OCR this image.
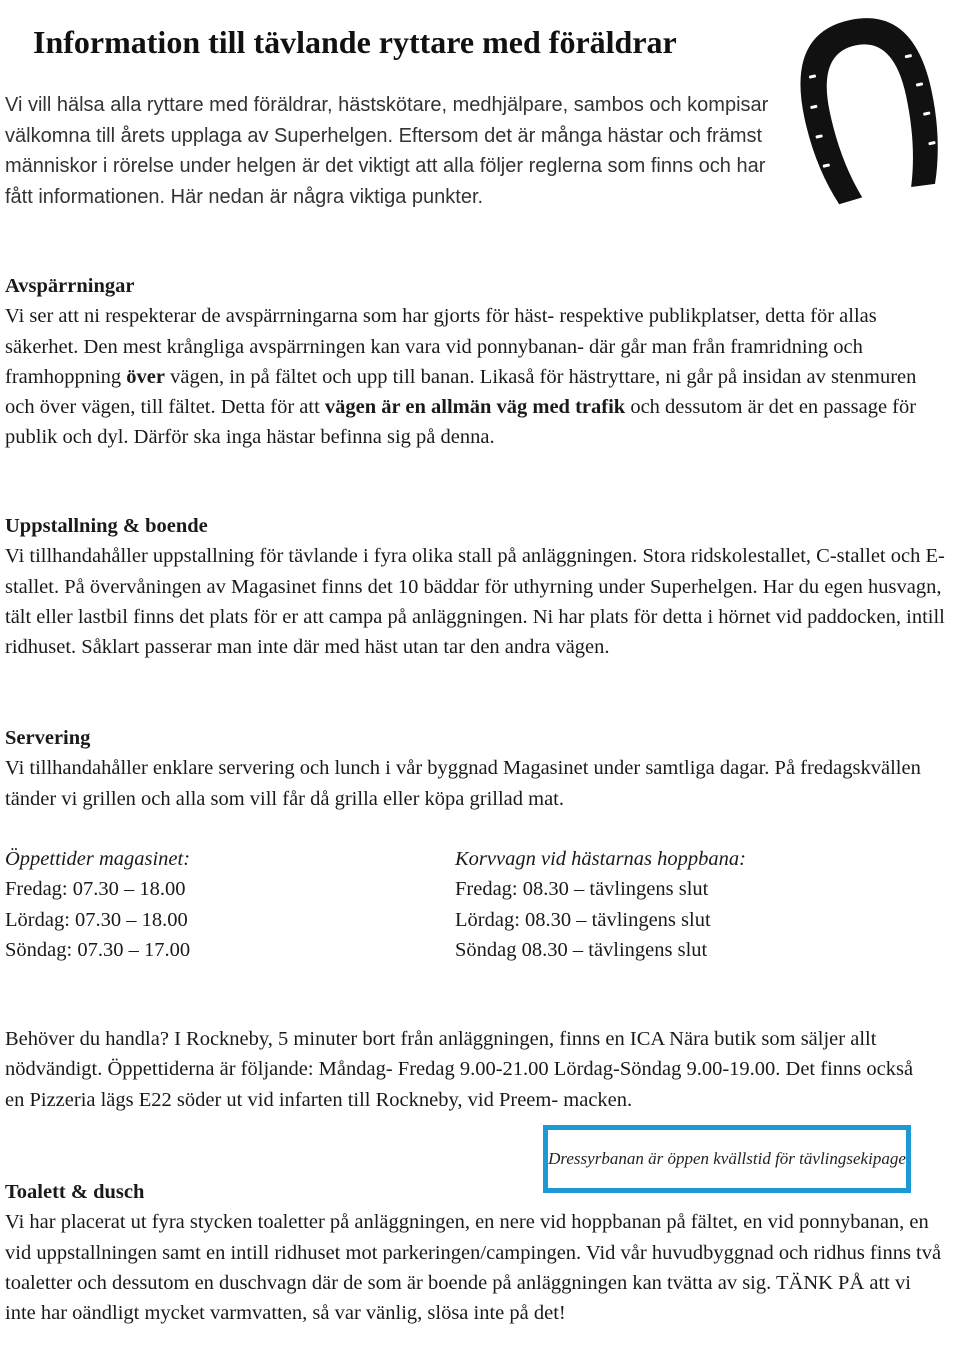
Information till tävlande ryttare med föräldrar
Vi vill hälsa alla ryttare med föräldrar, hästskötare, medhjälpare, sambos och kompisar välkomna till årets upplaga av Superhelgen. Eftersom det är många hästar och främst människor i rörelse under helgen är det viktigt att alla följer reglerna som finns och har fått informationen. Här nedan är några viktiga punkter.
Avspärrningar

Vi ser att ni respekterar de avspärrningarna som har gjorts för häst- respektive publikplatser, detta för allas säkerhet. Den mest krångliga avspärrningen kan vara vid ponnybanan- där går man från framridning och framhoppning över vägen, in på fältet och upp till banan. Likaså för hästryttare, ni går på insidan av stenmuren och över vägen, till fältet. Detta för att vägen är en allmän väg med trafik och dessutom är det en passage för publik och dyl. Därför ska inga hästar befinna sig på denna.

Uppstallning & boende

Vi tillhandahåller uppstallning för tävlande i fyra olika stall på anläggningen. Stora ridskolestallet, C-stallet och E- stallet. På övervåningen av Magasinet finns det 10 bäddar för uthyrning under Superhelgen. Har du egen husvagn, tält eller lastbil finns det plats för er att campa på anläggningen. Ni har plats för detta i hörnet vid paddocken, intill ridhuset. Såklart passerar man inte där med häst utan tar den andra vägen.

Servering

Vi tillhandahåller enklare servering och lunch i vår byggnad Magasinet under samtliga dagar. På fredagskvällen tänder vi grillen och alla som vill får då grilla eller köpa grillad mat.

Öppettider magasinet:
Fredag: 07.30 – 18.00
Lördag: 07.30 – 18.00
Söndag: 07.30 – 17.00
Korvvagn vid hästarnas hoppbana:
Fredag: 08.30 – tävlingens slut
Lördag: 08.30 – tävlingens slut
Söndag 08.30 – tävlingens slut
Behöver du handla? I Rockneby, 5 minuter bort från anläggningen, finns en ICA Nära butik som säljer allt nödvändigt. Öppettiderna är följande: Måndag- Fredag 9.00-21.00 Lördag-Söndag 9.00-19.00. Det finns också en Pizzeria lägs E22 söder ut vid infarten till Rockneby, vid Preem- macken.
Dressyrbanan är öppen kvällstid för tävlingsekipage
Toalett & dusch

Vi har placerat ut fyra stycken toaletter på anläggningen, en nere vid hoppbanan på fältet, en vid ponnybanan, en vid uppstallningen samt en intill ridhuset mot parkeringen/campingen. Vid vår huvudbyggnad och ridhus finns två toaletter och dessutom en duschvagn där de som är boende på anläggningen kan tvätta av sig. TÄNK PÅ att vi inte har oändligt mycket varmvatten, så var vänlig, slösa inte på det!
